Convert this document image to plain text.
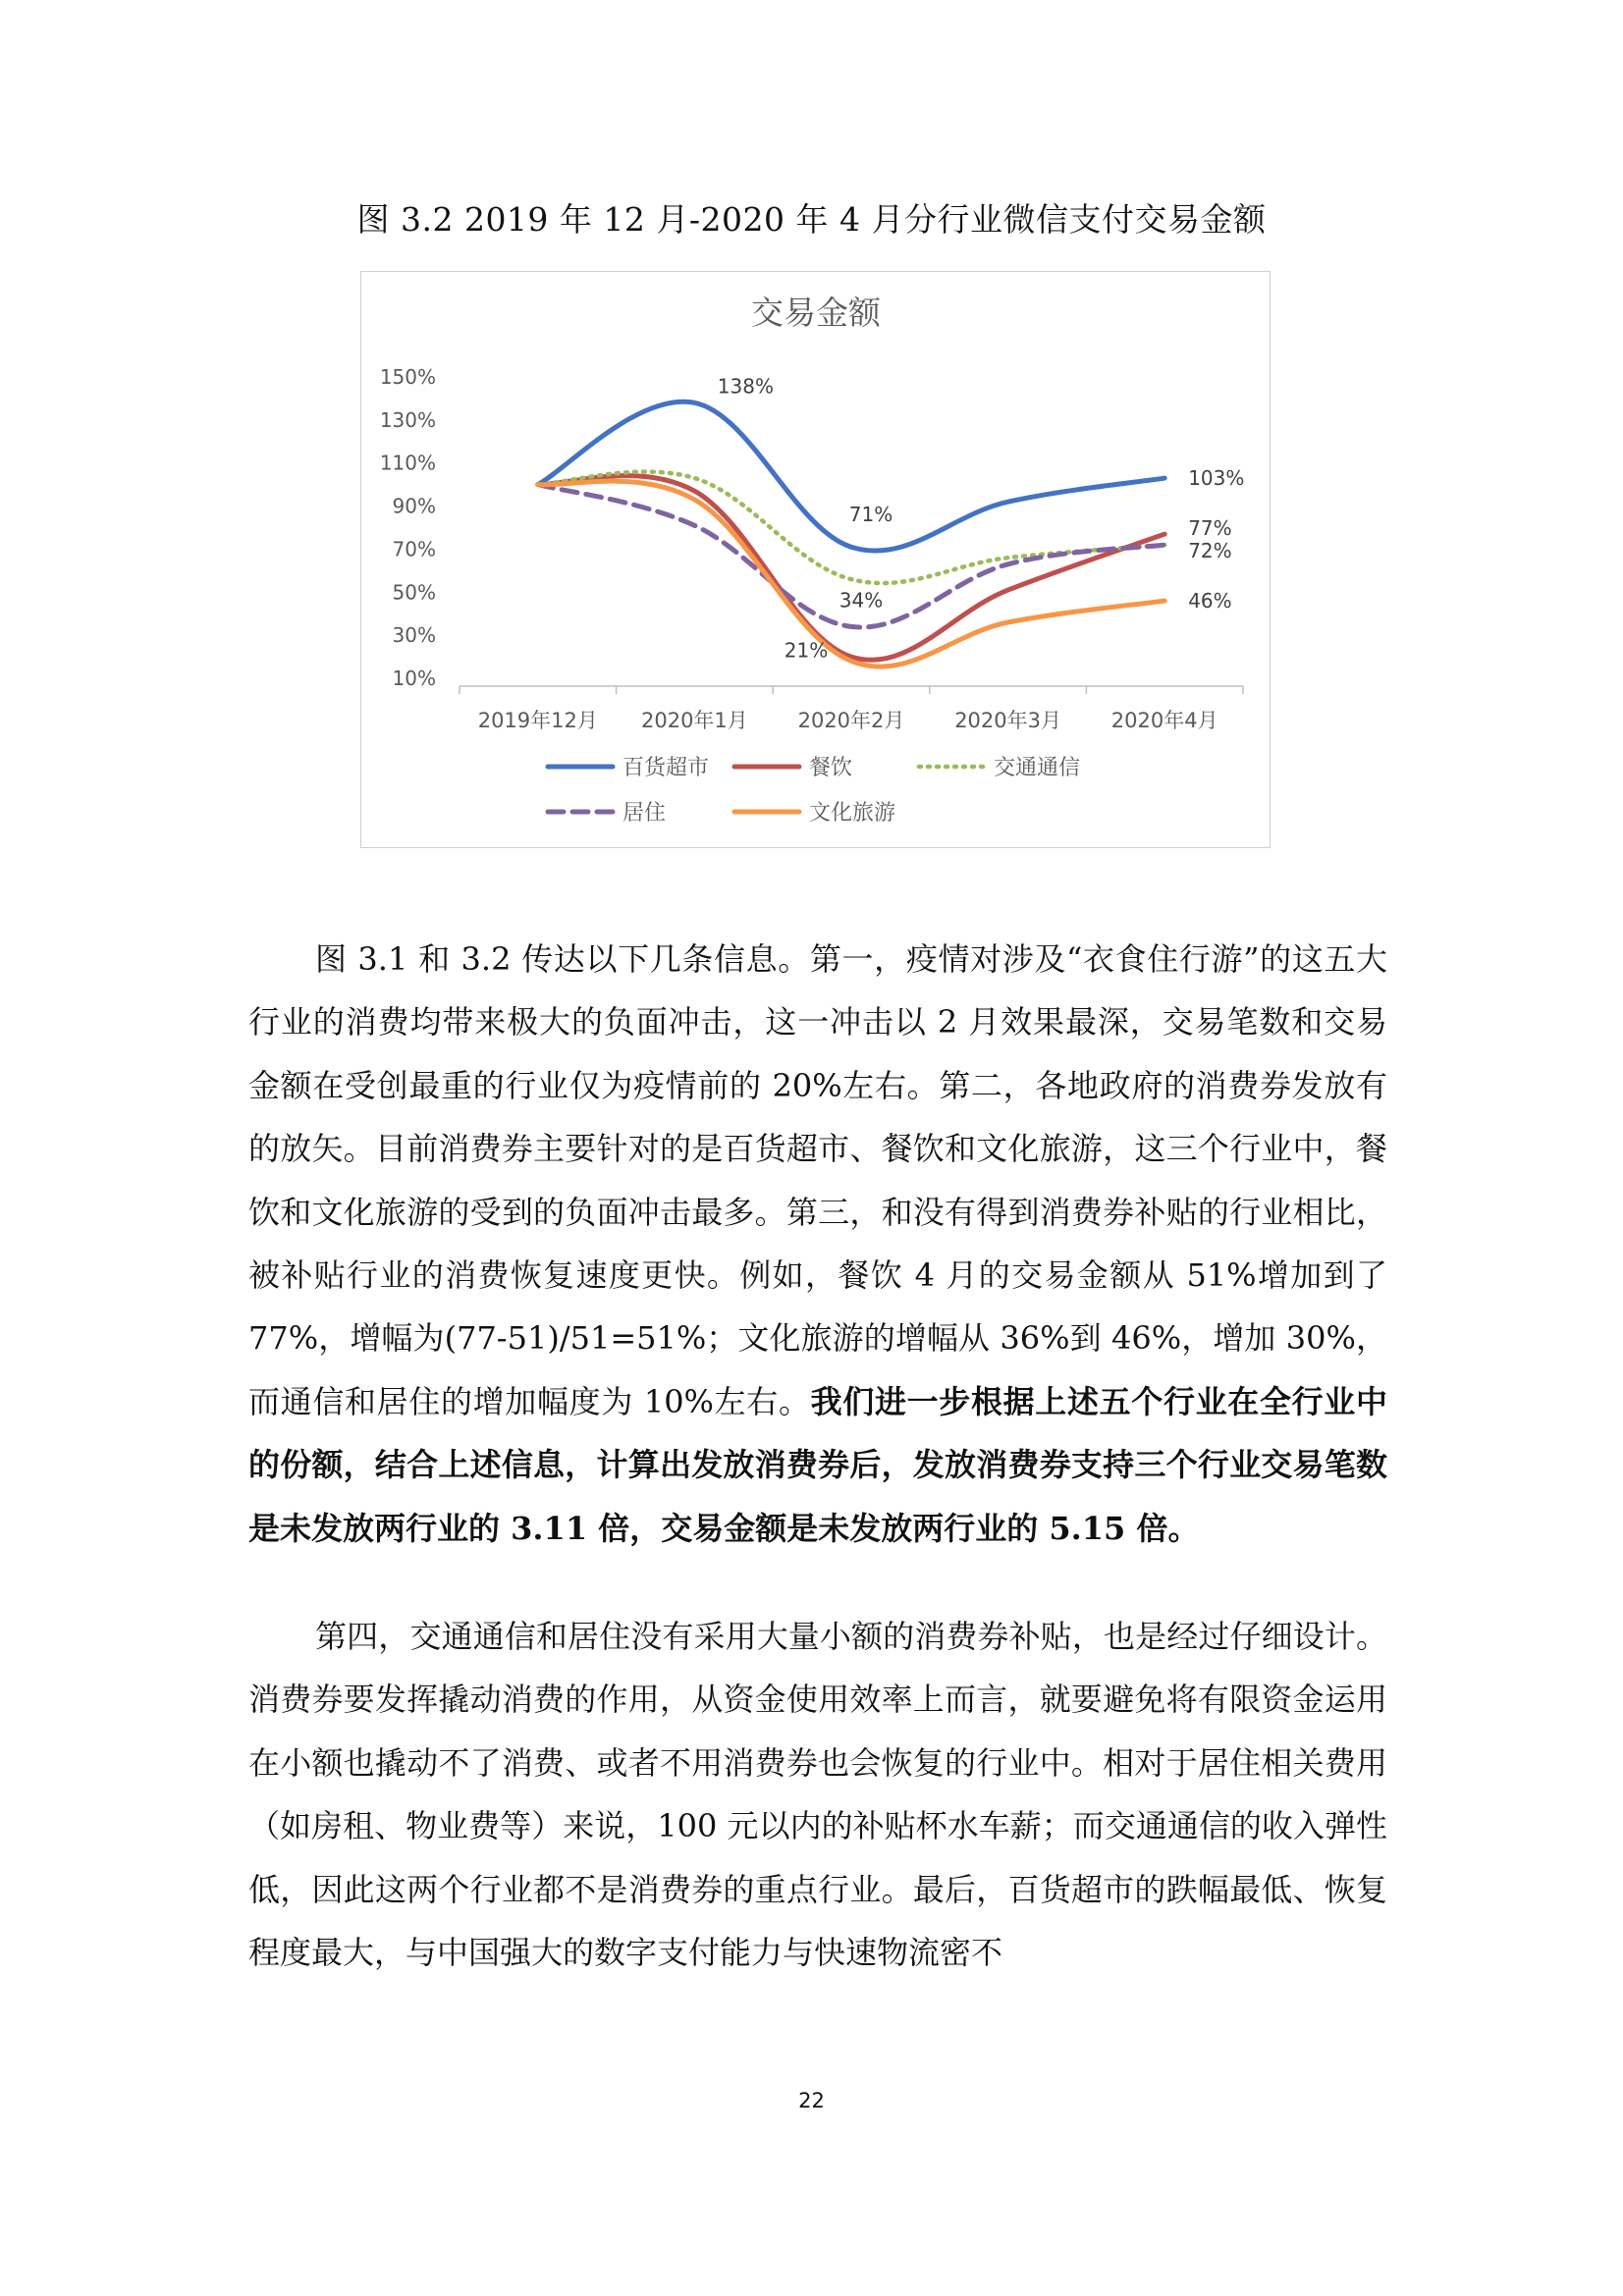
图 3.2 2019 年 12 月-2020 年 4 月分行业微信支付交易金额
交易金额
150%
130%
110%
90%
70%
50%
30%
10%
2019年12月 2020年1月 2020年2月 2020年3月 2020年4月
138%
71%
34%
21%
103%
77%
72%
46%
百货超市	餐饮	交通通信
居住	文化旅游
图 3.1 和 3.2 传达以下几条信息。第一，疫情对涉及“衣食住行游”的这五大行业的消费均带来极大的负面冲击，这一冲击以 2 月效果最深，交易笔数和交易金额在受创最重的行业仅为疫情前的 20%左右。第二，各地政府的消费券发放有的放矢。目前消费券主要针对的是百货超市、餐饮和文化旅游，这三个行业中，餐饮和文化旅游的受到的负面冲击最多。第三，和没有得到消费券补贴的行业相比，被补贴行业的消费恢复速度更快。例如，餐饮 4 月的交易金额从 51%增加到了 77%，增幅为(77-51)/51=51%；文化旅游的增幅从 36%到 46%，增加 30%，而通信和居住的增加幅度为 10%左右。我们进一步根据上述五个行业在全行业中的份额，结合上述信息，计算出发放消费券后，发放消费券支持三个行业交易笔数是未发放两行业的 3.11 倍，交易金额是未发放两行业的 5.15 倍。
第四，交通通信和居住没有采用大量小额的消费券补贴，也是经过仔细设计。消费券要发挥撬动消费的作用，从资金使用效率上而言，就要避免将有限资金运用在小额也撬动不了消费、或者不用消费券也会恢复的行业中。相对于居住相关费用（如房租、物业费等）来说，100 元以内的补贴杯水车薪；而交通通信的收入弹性低，因此这两个行业都不是消费券的重点行业。最后，百货超市的跌幅最低、恢复程度最大，与中国强大的数字支付能力与快速物流密不
22
